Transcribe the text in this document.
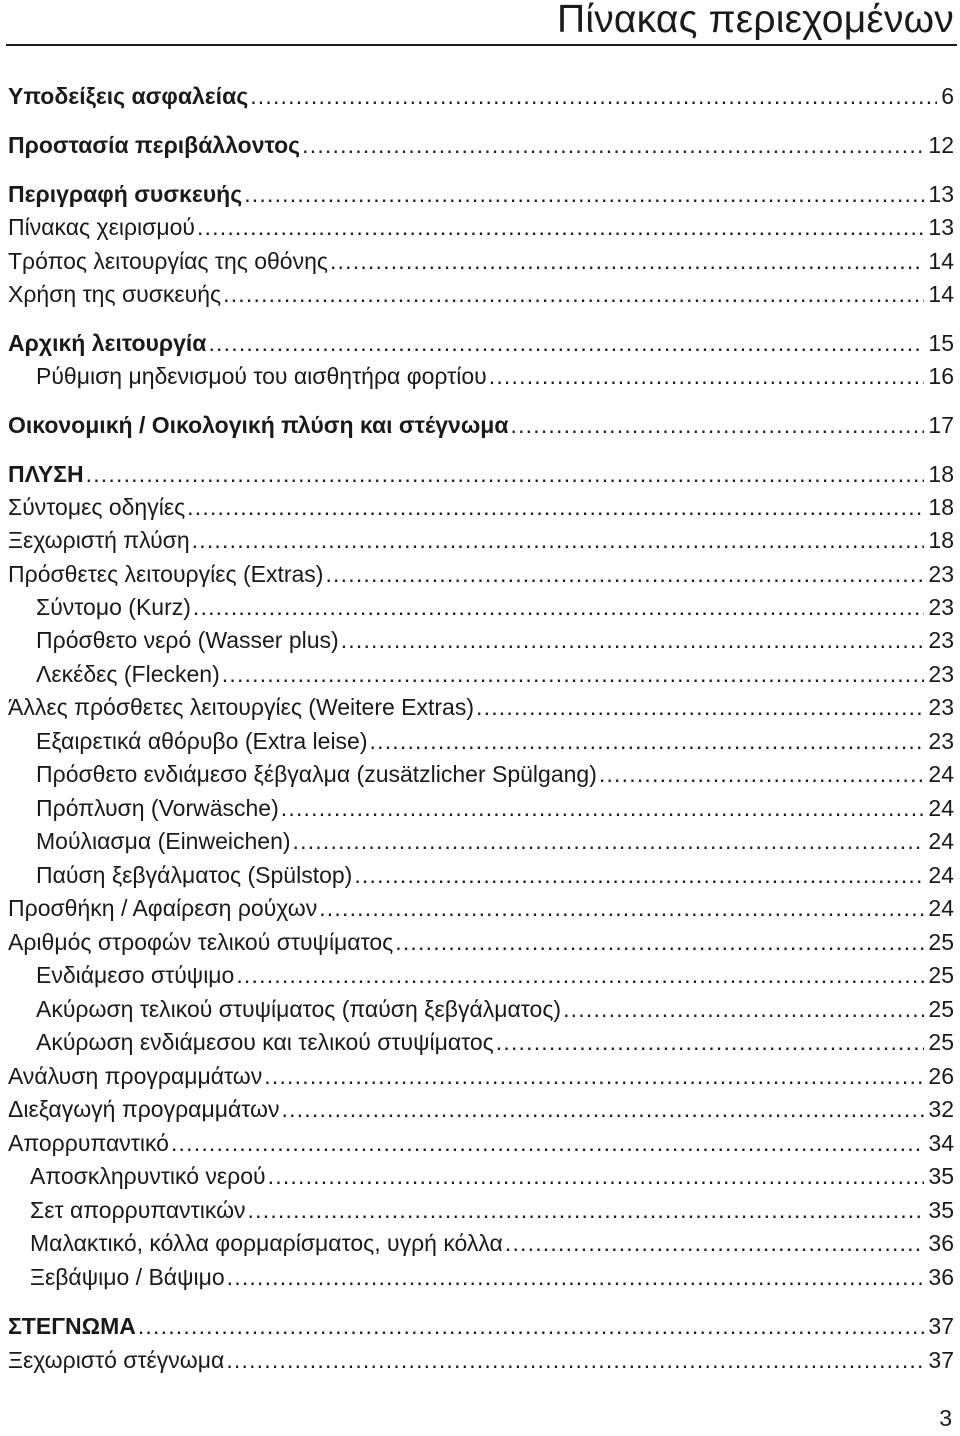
Πίνακας περιεχομένων
Υποδείξεις ασφαλείας .....	6
Προστασία περιβάλλοντος .....	12
Περιγραφή συσκευής .....	13
Πίνακας χειρισμού .....	13
Τρόπος λειτουργίας της οθόνης .....	14
Χρήση της συσκευής .....	14
Αρχική λειτουργία .....	15
Ρύθμιση μηδενισμού του αισθητήρα φορτίου .....	16
Οικονομική / Οικολογική πλύση και στέγνωμα .....	17
ΠΛΥΣΗ .....	18
Σύντομες οδηγίες .....	18
Ξεχωριστή πλύση .....	18
Πρόσθετες λειτουργίες (Extras) .....	23
Σύντομο (Kurz) .....	23
Πρόσθετο νερό (Wasser plus) .....	23
Λεκέδες (Flecken) .....	23
Άλλες πρόσθετες λειτουργίες (Weitere Extras) .....	23
Εξαιρετικά αθόρυβο (Extra leise) .....	23
Πρόσθετο ενδιάμεσο ξέβγαλμα (zusätzlicher Spülgang) .....	24
Πρόπλυση (Vorwäsche) .....	24
Μούλιασμα (Einweichen) .....	24
Παύση ξεβγάλματος (Spülstop) .....	24
Προσθήκη / Αφαίρεση ρούχων .....	24
Αριθμός στροφών τελικού στυψίματος .....	25
Ενδιάμεσο στύψιμο .....	25
Ακύρωση τελικού στυψίματος (παύση ξεβγάλματος) .....	25
Ακύρωση ενδιάμεσου και τελικού στυψίματος .....	25
Ανάλυση προγραμμάτων .....	26
Διεξαγωγή προγραμμάτων .....	32
Απορρυπαντικό .....	34
Αποσκληρυντικό νερού .....	35
Σετ απορρυπαντικών .....	35
Μαλακτικό, κόλλα φορμαρίσματος, υγρή κόλλα .....	36
Ξεβάψιμο / Βάψιμο .....	36
ΣΤΕΓΝΩΜΑ .....	37
Ξεχωριστό στέγνωμα .....	37
3
